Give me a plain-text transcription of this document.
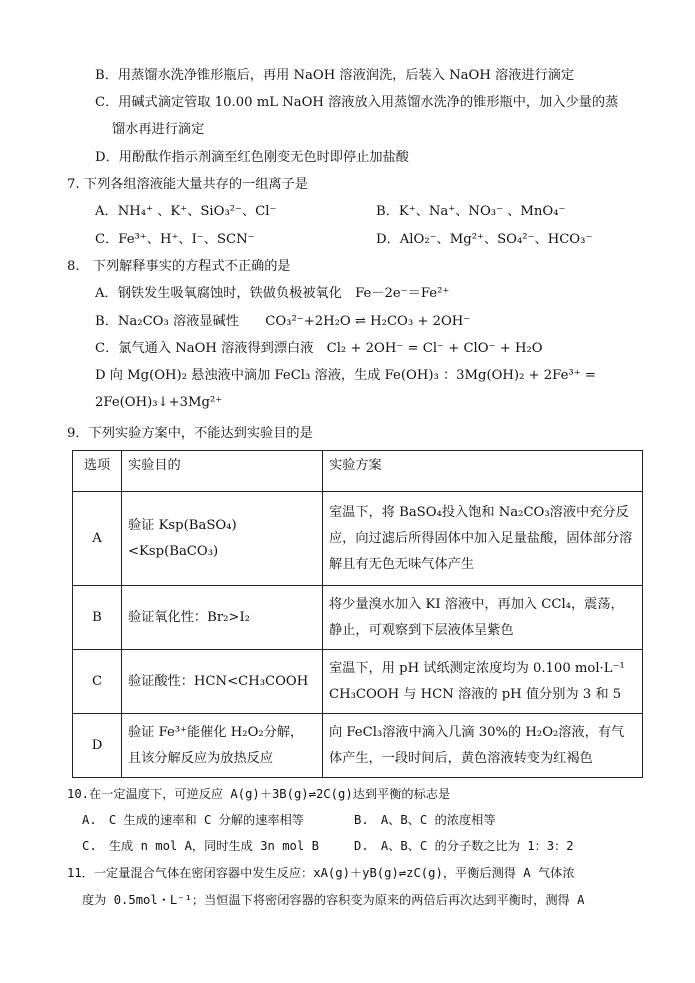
B．用蒸馏水洗净锥形瓶后，再用 NaOH 溶液润洗，后装入 NaOH 溶液进行滴定
C．用碱式滴定管取 10.00 mL NaOH 溶液放入用蒸馏水洗净的锥形瓶中，加入少量的蒸
馏水再进行滴定
D．用酚酞作指示剂滴至红色刚变无色时即停止加盐酸
7. 下列各组溶液能大量共存的一组离子是
A．NH₄⁺ 、K⁺、SiO₃²⁻、Cl⁻	B．K⁺、Na⁺、NO₃⁻ 、MnO₄⁻
C．Fe³⁺、H⁺、I⁻、SCN⁻	D．AlO₂⁻、Mg²⁺、SO₄²⁻、HCO₃⁻
8.　下列解释事实的方程式不正确的是
A．钢铁发生吸氧腐蚀时，铁做负极被氧化　Fe－2e⁻＝Fe²⁺
B．Na₂CO₃ 溶液显碱性　　CO₃²⁻+2H₂O ⇌ H₂CO₃ + 2OH⁻
C．氯气通入 NaOH 溶液得到漂白液　Cl₂ + 2OH⁻ = Cl⁻ + ClO⁻ + H₂O
D 向 Mg(OH)₂ 悬浊液中滴加 FeCl₃ 溶液，生成 Fe(OH)₃ ：3Mg(OH)₂ + 2Fe³⁺ =
2Fe(OH)₃↓+3Mg²⁺
9．下列实验方案中，不能达到实验目的是
选项	实验目的	实验方案
A	验证 Ksp(BaSO₄) <Ksp(BaCO₃)	室温下，将 BaSO₄投入饱和 Na₂CO₃溶液中充分反应，向过滤后所得固体中加入足量盐酸，固体部分溶解且有无色无味气体产生
B	验证氧化性：Br₂>I₂	将少量溴水加入 KI 溶液中，再加入 CCl₄，震荡，静止，可观察到下层液体呈紫色
C	验证酸性：HCN<CH₃COOH	室温下，用 pH 试纸测定浓度均为 0.100 mol·L⁻¹ CH₃COOH 与 HCN 溶液的 pH 值分别为 3 和 5
D	验证 Fe³⁺能催化 H₂O₂分解，且该分解反应为放热反应	向 FeCl₃溶液中滴入几滴 30%的 H₂O₂溶液，有气体产生，一段时间后，黄色溶液转变为红褐色
10.在一定温度下，可逆反应 A(g)＋3B(g)⇌2C(g)达到平衡的标志是
A.　C 生成的速率和 C 分解的速率相等	B.　A、B、C 的浓度相等
C.　生成 n mol A，同时生成 3n mol B	D.　A、B、C 的分子数之比为 1：3：2
11．一定量混合气体在密闭容器中发生反应：xA(g)＋yB(g)⇌zC(g)，平衡后测得 A 气体浓
度为 0.5mol・L⁻¹；当恒温下将密闭容器的容积变为原来的两倍后再次达到平衡时，测得 A
